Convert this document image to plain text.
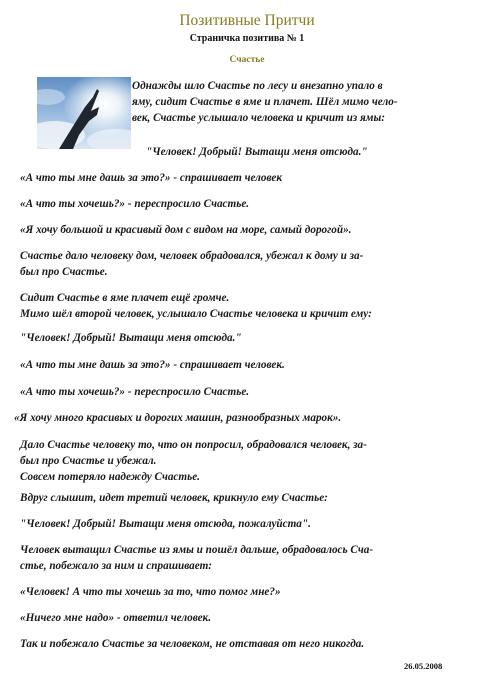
Позитивные Притчи
Страничка позитива № 1
Счастье

Однажды шло Счастье по лесу и внезапно упало в
яму, сидит Счастье в яме и плачет. Шёл мимо чело-
век, Счастье услышало человека и кричит из ямы:

"Человек! Добрый! Вытащи меня отсюда."

«А что ты мне дашь за это?» - спрашивает человек

«А что ты хочешь?» - переспросило Счастье.

«Я хочу большой и красивый дом с видом на море, самый дорогой».

Счастье дало человеку дом, человек обрадовался, убежал к дому и за-
был про Счастье.

Сидит Счастье в яме плачет ещё громче.
Мимо шёл второй человек, услышало Счастье человека и кричит ему:

"Человек! Добрый! Вытащи меня отсюда."

«А что ты мне дашь за это?» - спрашивает человек.

«А что ты хочешь?» - переспросило Счастье.

«Я хочу много красивых и дорогих машин, разнообразных марок».

Дало Счастье человеку то, что он попросил, обрадовался человек, за-
был про Счастье и убежал.
Совсем потеряло надежду Счастье.

Вдруг слышит, идет третий человек, крикнуло ему Счастье:

"Человек! Добрый! Вытащи меня отсюда, пожалуйста".

Человек вытащил Счастье из ямы и пошёл дальше, обрадовалось Сча-
стье, побежало за ним и спрашивает:

«Человек! А что ты хочешь за то, что помог мне?»

«Ничего мне надо» - ответил человек.

Так и побежало Счастье за человеком, не отставая от него никогда.

26.05.2008
